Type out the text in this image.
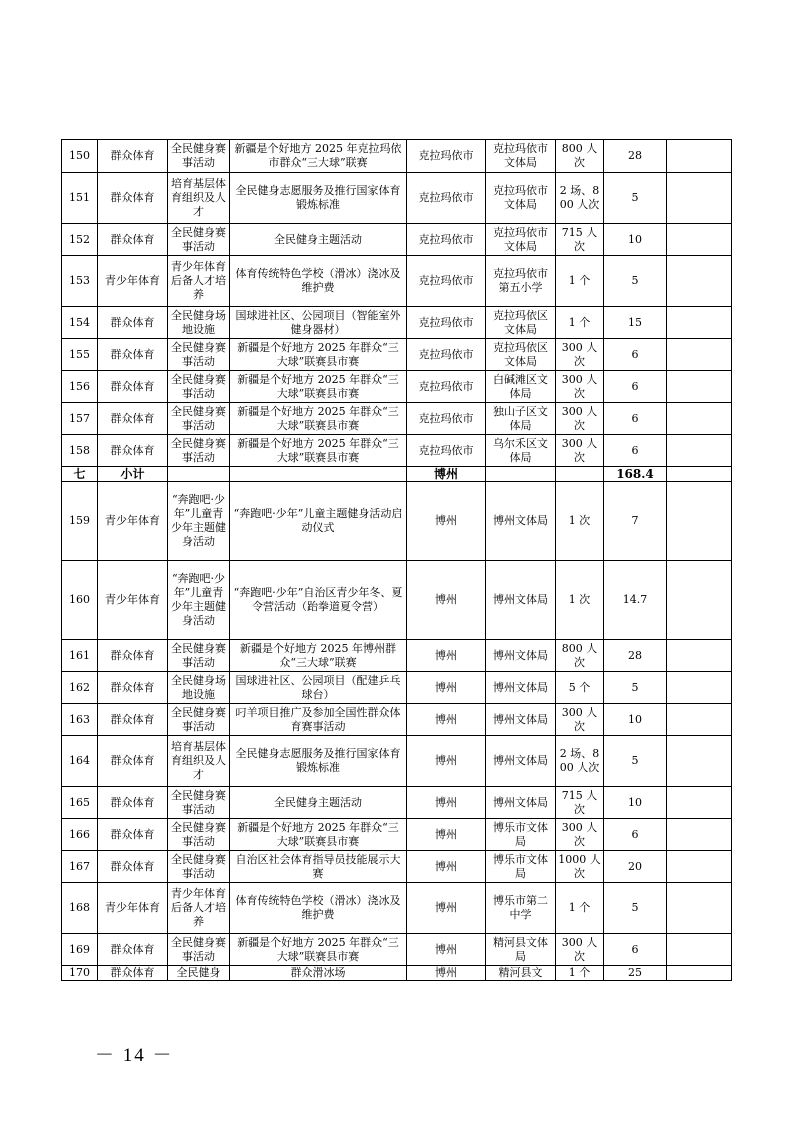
150	群众体育	全民健身赛事活动	新疆是个好地方 2025 年克拉玛依市群众“三大球”联赛	克拉玛依市	克拉玛依市文体局	800 人次	28	
151	群众体育	培育基层体育组织及人才	全民健身志愿服务及推行国家体育锻炼标准	克拉玛依市	克拉玛依市文体局	2 场、800 人次	5	
152	群众体育	全民健身赛事活动	全民健身主题活动	克拉玛依市	克拉玛依市文体局	715 人次	10	
153	青少年体育	青少年体育后备人才培养	体育传统特色学校（滑冰）浇冰及维护费	克拉玛依市	克拉玛依市第五小学	1 个	5	
154	群众体育	全民健身场地设施	国球进社区、公园项目（智能室外健身器材）	克拉玛依市	克拉玛依区文体局	1 个	15	
155	群众体育	全民健身赛事活动	新疆是个好地方 2025 年群众“三大球”联赛县市赛	克拉玛依市	克拉玛依区文体局	300 人次	6	
156	群众体育	全民健身赛事活动	新疆是个好地方 2025 年群众“三大球”联赛县市赛	克拉玛依市	白碱滩区文体局	300 人次	6	
157	群众体育	全民健身赛事活动	新疆是个好地方 2025 年群众“三大球”联赛县市赛	克拉玛依市	独山子区文体局	300 人次	6	
158	群众体育	全民健身赛事活动	新疆是个好地方 2025 年群众“三大球”联赛县市赛	克拉玛依市	乌尔禾区文体局	300 人次	6	
七	小计			博州			168.4	
159	青少年体育	“奔跑吧·少年”儿童青少年主题健身活动	“奔跑吧·少年”儿童主题健身活动启动仪式	博州	博州文体局	1 次	7	
160	青少年体育	“奔跑吧·少年”儿童青少年主题健身活动	“奔跑吧·少年”自治区青少年冬、夏令营活动（跆拳道夏令营）	博州	博州文体局	1 次	14.7	
161	群众体育	全民健身赛事活动	新疆是个好地方 2025 年博州群众“三大球”联赛	博州	博州文体局	800 人次	28	
162	群众体育	全民健身场地设施	国球进社区、公园项目（配建乒乓球台）	博州	博州文体局	5 个	5	
163	群众体育	全民健身赛事活动	叼羊项目推广及参加全国性群众体育赛事活动	博州	博州文体局	300 人次	10	
164	群众体育	培育基层体育组织及人才	全民健身志愿服务及推行国家体育锻炼标准	博州	博州文体局	2 场、800 人次	5	
165	群众体育	全民健身赛事活动	全民健身主题活动	博州	博州文体局	715 人次	10	
166	群众体育	全民健身赛事活动	新疆是个好地方 2025 年群众“三大球”联赛县市赛	博州	博乐市文体局	300 人次	6	
167	群众体育	全民健身赛事活动	自治区社会体育指导员技能展示大赛	博州	博乐市文体局	1000 人次	20	
168	青少年体育	青少年体育后备人才培养	体育传统特色学校（滑冰）浇冰及维护费	博州	博乐市第二中学	1 个	5	
169	群众体育	全民健身赛事活动	新疆是个好地方 2025 年群众“三大球”联赛县市赛	博州	精河县文体局	300 人次	6	
170	群众体育	全民健身	群众滑冰场	博州	精河县文	1 个	25	
－ 14 －
